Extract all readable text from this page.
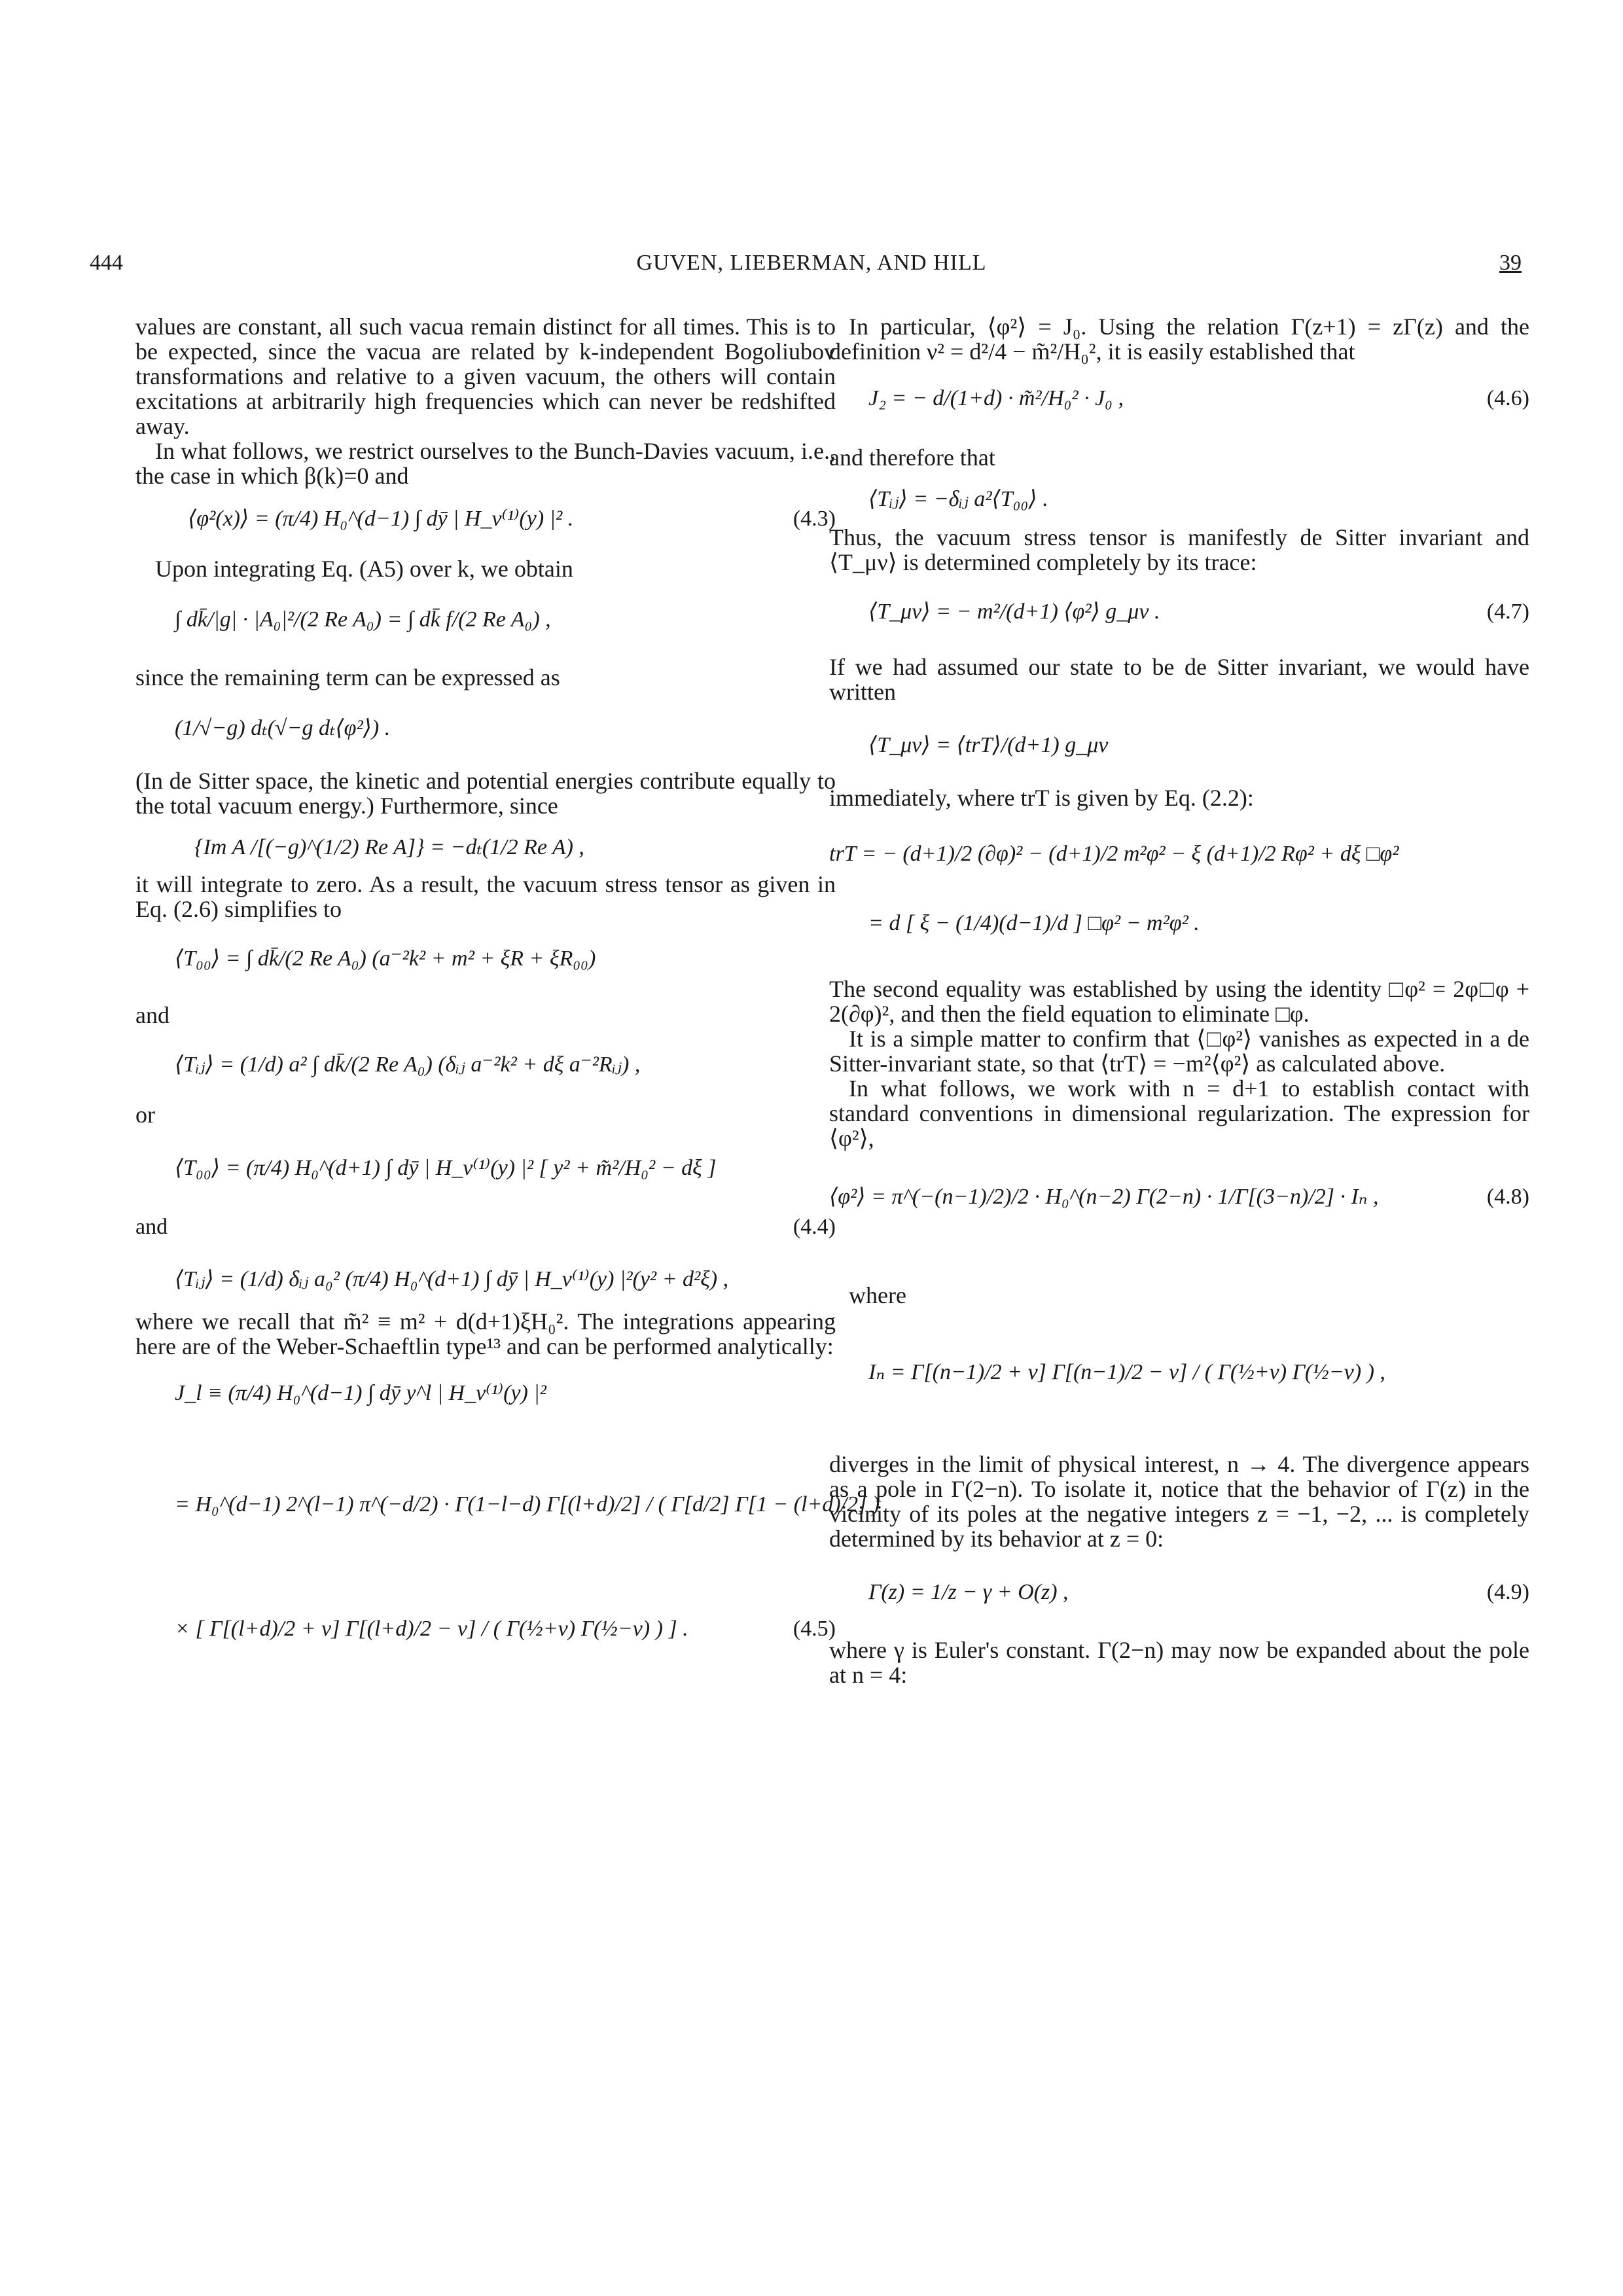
444	GUVEN, LIEBERMAN, AND HILL	39

values are constant, all such vacua remain distinct for all times. This is to be expected, since the vacua are related by k-independent Bogoliubov transformations and relative to a given vacuum, the others will contain excitations at arbitrarily high frequencies which can never be redshifted away.

In what follows, we restrict ourselves to the Bunch-Davies vacuum, i.e., the case in which β(k)=0 and

⟨φ²(x)⟩ = (π/4) H₀^(d−1) ∫ dȳ | H_ν⁽¹⁾(y) |² .	(4.3)

Upon integrating Eq. (A5) over k, we obtain

∫ dk̄/|g| · |A₀|²/(2 Re A₀) = ∫ dk̄ f/(2 Re A₀) ,

since the remaining term can be expressed as

(1/√−g) dₜ(√−g dₜ⟨φ²⟩) .

(In de Sitter space, the kinetic and potential energies contribute equally to the total vacuum energy.) Furthermore, since

{Im A /[(−g)^(1/2) Re A]} = −dₜ(1/2 Re A) ,

it will integrate to zero. As a result, the vacuum stress tensor as given in Eq. (2.6) simplifies to

⟨T₀₀⟩ = ∫ dk̄/(2 Re A₀) (a⁻²k² + m² + ξR + ξR₀₀)

and

⟨Tᵢⱼ⟩ = (1/d) a² ∫ dk̄/(2 Re A₀) (δᵢⱼ a⁻²k² + dξ a⁻²Rᵢⱼ) ,

or

⟨T₀₀⟩ = (π/4) H₀^(d+1) ∫ dȳ | H_ν⁽¹⁾(y) |² [ y² + m̃²/H₀² − dξ ]
and	(4.4)
⟨Tᵢⱼ⟩ = (1/d) δᵢⱼ a₀² (π/4) H₀^(d+1) ∫ dȳ | H_ν⁽¹⁾(y) |²(y² + d²ξ) ,

where we recall that m̃² ≡ m² + d(d+1)ξH₀². The integrations appearing here are of the Weber-Schaeftlin type¹³ and can be performed analytically:

J_l ≡ (π/4) H₀^(d−1) ∫ dȳ y^l | H_ν⁽¹⁾(y) |²
= H₀^(d−1) 2^(l−1) π^(−d/2) · Γ(1−l−d) Γ[(l+d)/2] / ( Γ[d/2] Γ[1 − (l+d)/2] )
× [ Γ[(l+d)/2 + ν] Γ[(l+d)/2 − ν] / ( Γ(½+ν) Γ(½−ν) ) ] .	(4.5)

In particular, ⟨φ²⟩ = J₀. Using the relation Γ(z+1) = zΓ(z) and the definition ν² = d²/4 − m̃²/H₀², it is easily established that

J₂ = − d/(1+d) · m̃²/H₀² · J₀ ,	(4.6)

and therefore that

⟨Tᵢⱼ⟩ = −δᵢⱼ a²⟨T₀₀⟩ .

Thus, the vacuum stress tensor is manifestly de Sitter invariant and ⟨T_μν⟩ is determined completely by its trace:

⟨T_μν⟩ = − m²/(d+1) ⟨φ²⟩ g_μν .	(4.7)

If we had assumed our state to be de Sitter invariant, we would have written

⟨T_μν⟩ = ⟨trT⟩/(d+1) g_μν

immediately, where trT is given by Eq. (2.2):

trT = − (d+1)/2 (∂φ)² − (d+1)/2 m²φ² − ξ (d+1)/2 Rφ² + dξ □φ²
= d [ ξ − (1/4)(d−1)/d ] □φ² − m²φ² .

The second equality was established by using the identity □φ² = 2φ□φ + 2(∂φ)², and then the field equation to eliminate □φ.

It is a simple matter to confirm that ⟨□φ²⟩ vanishes as expected in a de Sitter-invariant state, so that ⟨trT⟩ = −m²⟨φ²⟩ as calculated above.

In what follows, we work with n = d+1 to establish contact with standard conventions in dimensional regularization. The expression for ⟨φ²⟩,

⟨φ²⟩ = π^(−(n−1)/2)/2 · H₀^(n−2) Γ(2−n) · 1/Γ[(3−n)/2] · Iₙ ,	(4.8)

where

Iₙ = Γ[(n−1)/2 + ν] Γ[(n−1)/2 − ν] / ( Γ(½+ν) Γ(½−ν) ) ,

diverges in the limit of physical interest, n → 4. The divergence appears as a pole in Γ(2−n). To isolate it, notice that the behavior of Γ(z) in the vicinity of its poles at the negative integers z = −1, −2, ... is completely determined by its behavior at z = 0:

Γ(z) = 1/z − γ + O(z) ,	(4.9)

where γ is Euler's constant. Γ(2−n) may now be expanded about the pole at n = 4:
